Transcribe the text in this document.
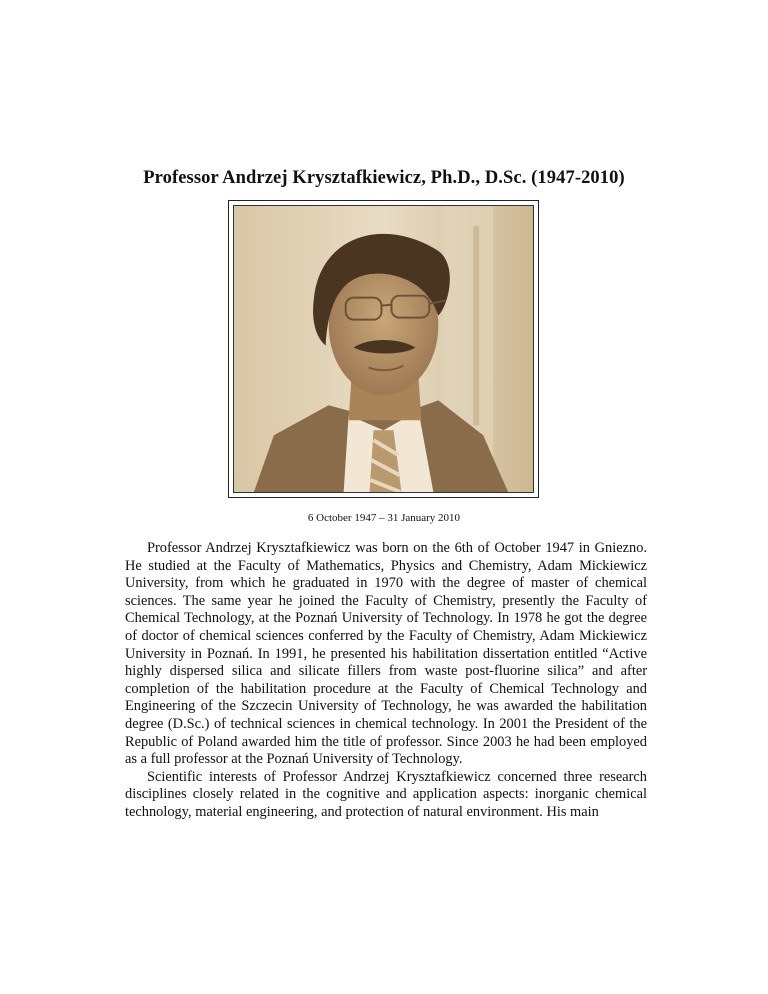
Professor Andrzej Krysztafkiewicz, Ph.D., D.Sc. (1947-2010)
6 October 1947 – 31 January 2010

Professor Andrzej Krysztafkiewicz was born on the 6th of October 1947 in Gniezno. He studied at the Faculty of Mathematics, Physics and Chemistry, Adam Mickiewicz University, from which he graduated in 1970 with the degree of master of chemical sciences. The same year he joined the Faculty of Chemistry, presently the Faculty of Chemical Technology, at the Poznań University of Technology. In 1978 he got the degree of doctor of chemical sciences conferred by the Faculty of Chemistry, Adam Mickiewicz University in Poznań. In 1991, he presented his habilitation dissertation entitled “Active highly dispersed silica and silicate fillers from waste post-fluorine silica” and after completion of the habilitation procedure at the Faculty of Chemical Technology and Engineering of the Szczecin University of Technology, he was awarded the habilitation degree (D.Sc.) of technical sciences in chemical technology. In 2001 the President of the Republic of Poland awarded him the title of professor. Since 2003 he had been employed as a full professor at the Poznań University of Technology.

Scientific interests of Professor Andrzej Krysztafkiewicz concerned three research disciplines closely related in the cognitive and application aspects: inorganic chemical technology, material engineering, and protection of natural environment. His main
